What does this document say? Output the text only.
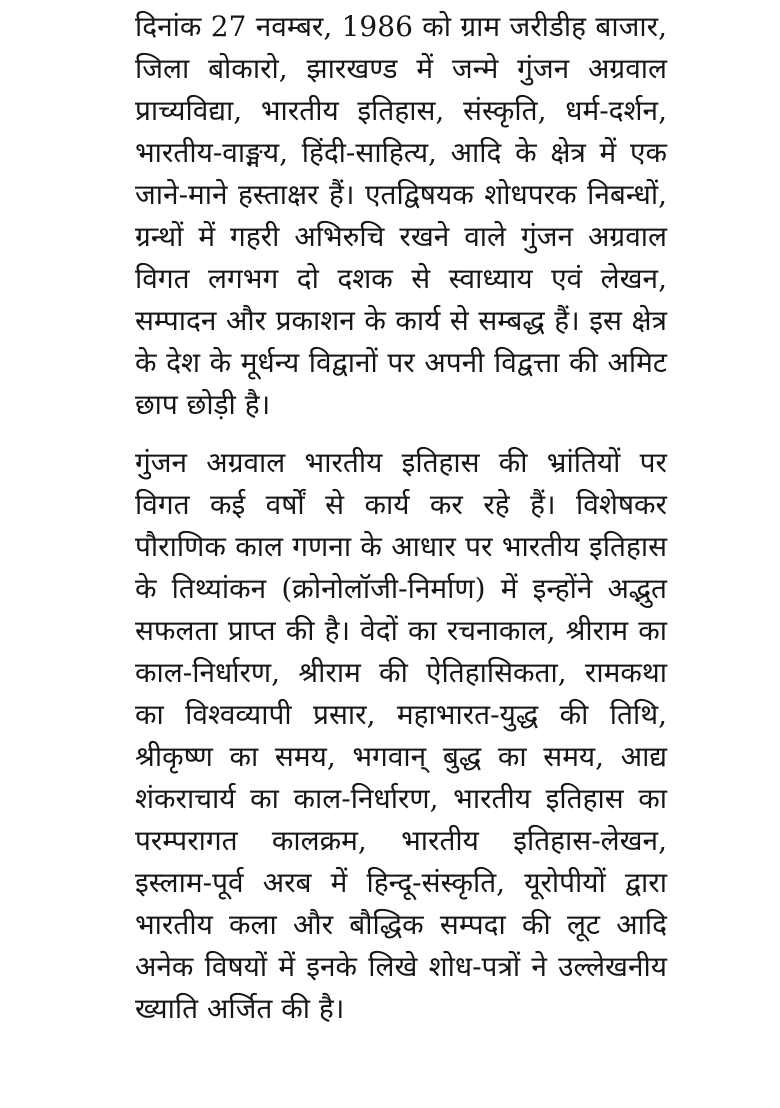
दिनांक 27 नवम्बर, 1986 को ग्राम जरीडीह बाजार, जिला बोकारो, झारखण्ड में जन्मे गुंजन अग्रवाल प्राच्यविद्या, भारतीय इतिहास, संस्कृति, धर्म-दर्शन, भारतीय-वाङ्मय, हिंदी-साहित्य, आदि के क्षेत्र में एक जाने-माने हस्ताक्षर हैं। एतद्विषयक शोधपरक निबन्धों, ग्रन्थों में गहरी अभिरुचि रखने वाले गुंजन अग्रवाल विगत लगभग दो दशक से स्वाध्याय एवं लेखन, सम्पादन और प्रकाशन के कार्य से सम्बद्ध हैं। इस क्षेत्र के देश के मूर्धन्य विद्वानों पर अपनी विद्वत्ता की अमिट छाप छोड़ी है।

गुंजन अग्रवाल भारतीय इतिहास की भ्रांतियों पर विगत कई वर्षों से कार्य कर रहे हैं। विशेषकर पौराणिक काल गणना के आधार पर भारतीय इतिहास के तिथ्यांकन (क्रोनोलॉजी-निर्माण) में इन्होंने अद्भुत सफलता प्राप्त की है। वेदों का रचनाकाल, श्रीराम का काल-निर्धारण, श्रीराम की ऐतिहासिकता, रामकथा का विश्वव्यापी प्रसार, महाभारत-युद्ध की तिथि, श्रीकृष्ण का समय, भगवान् बुद्ध का समय, आद्य शंकराचार्य का काल-निर्धारण, भारतीय इतिहास का परम्परागत कालक्रम, भारतीय इतिहास-लेखन, इस्लाम-पूर्व अरब में हिन्दू-संस्कृति, यूरोपीयों द्वारा भारतीय कला और बौद्धिक सम्पदा की लूट आदि अनेक विषयों में इनके लिखे शोध-पत्रों ने उल्लेखनीय ख्याति अर्जित की है।
